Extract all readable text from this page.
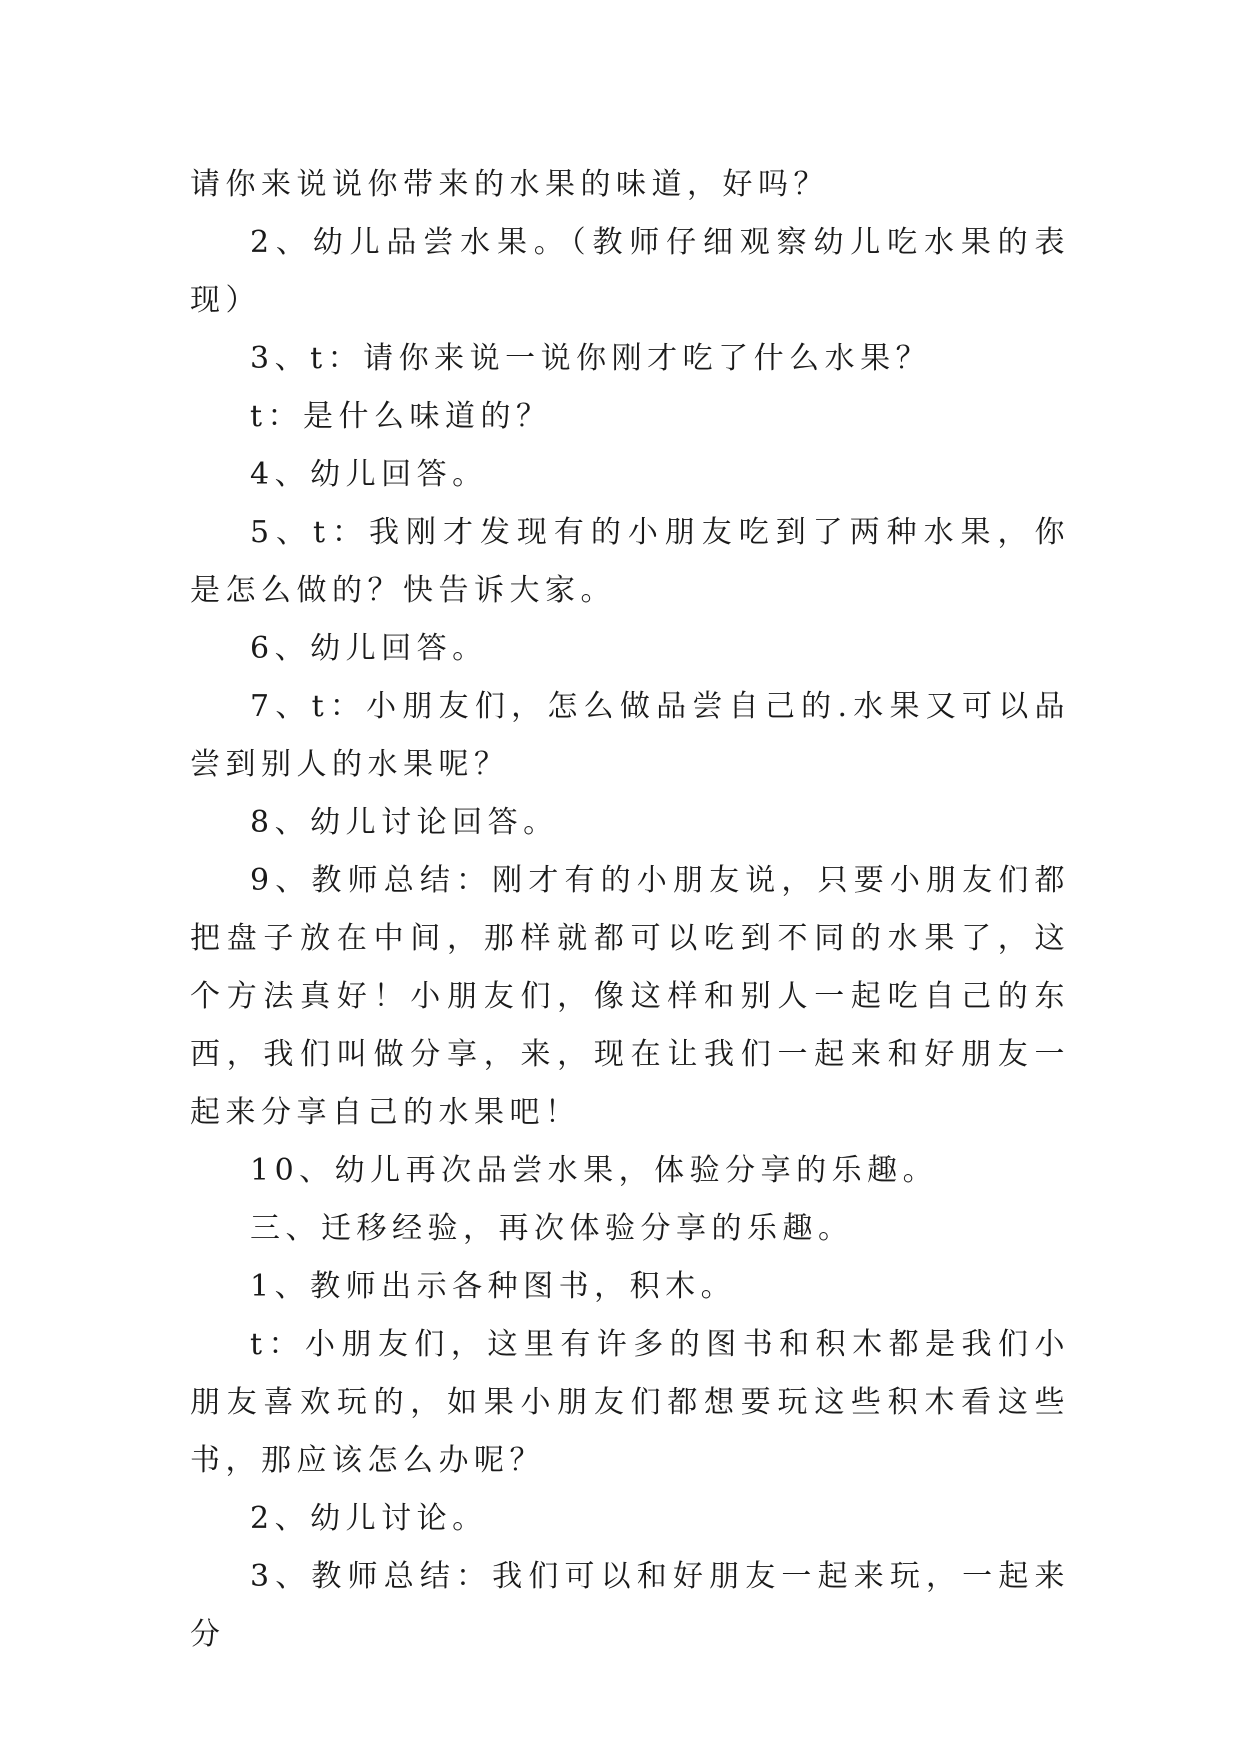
请你来说说你带来的水果的味道，好吗？

2、幼儿品尝水果。（教师仔细观察幼儿吃水果的表现）

3、t：请你来说一说你刚才吃了什么水果？

t：是什么味道的？

4、幼儿回答。

5、t：我刚才发现有的小朋友吃到了两种水果，你是怎么做的？快告诉大家。

6、幼儿回答。

7、t：小朋友们，怎么做品尝自己的.水果又可以品尝到别人的水果呢？

8、幼儿讨论回答。

9、教师总结：刚才有的小朋友说，只要小朋友们都把盘子放在中间，那样就都可以吃到不同的水果了，这个方法真好！小朋友们，像这样和别人一起吃自己的东西，我们叫做分享，来，现在让我们一起来和好朋友一起来分享自己的水果吧！

10、幼儿再次品尝水果，体验分享的乐趣。

三、迁移经验，再次体验分享的乐趣。

1、教师出示各种图书，积木。

t：小朋友们，这里有许多的图书和积木都是我们小朋友喜欢玩的，如果小朋友们都想要玩这些积木看这些书，那应该怎么办呢？

2、幼儿讨论。

3、教师总结：我们可以和好朋友一起来玩，一起来分
